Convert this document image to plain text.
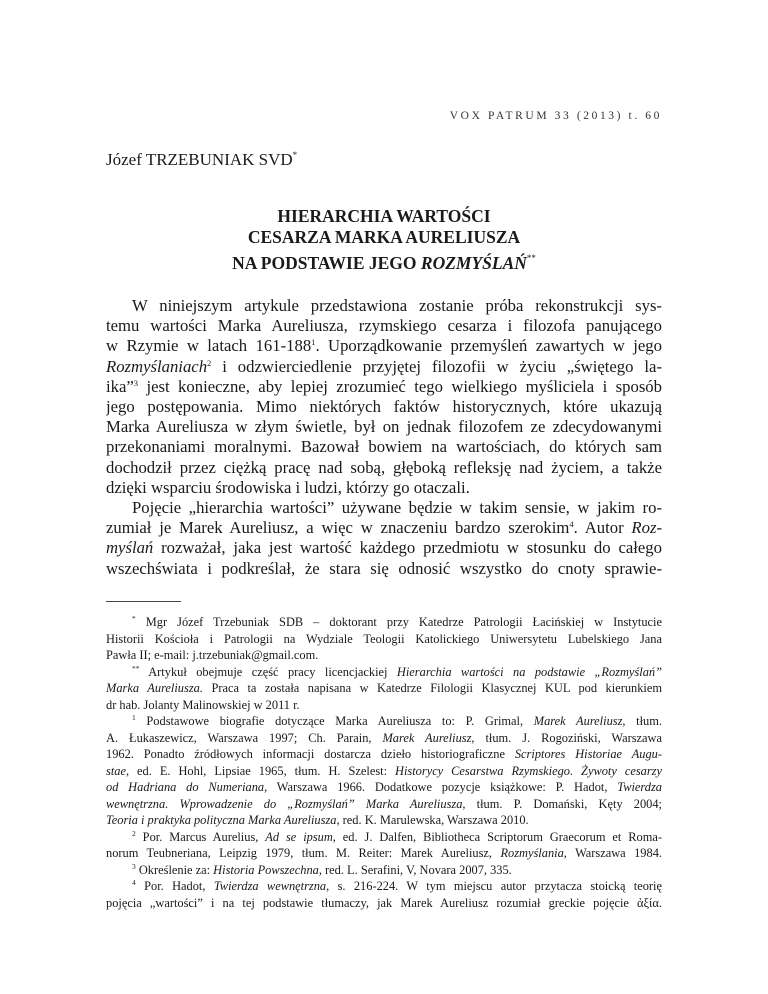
VOX PATRUM 33 (2013) t. 60
Józef TRZEBUNIAK SVD*
HIERARCHIA WARTOŚCI
CESARZA MARKA AURELIUSZA
NA PODSTAWIE JEGO ROZMYŚLAŃ**
W niniejszym artykule przedstawiona zostanie próba rekonstrukcji sys-
temu wartości Marka Aureliusza, rzymskiego cesarza i filozofa panującego
w Rzymie w latach $161-188^1$. Uporządkowanie przemyśleń zawartych w jego
Rozmyślaniach$^2$ i odzwierciedlenie przyjętej filozofii w życiu „świętego la-
ika”$^3$ jest konieczne, aby lepiej zrozumieć tego wielkiego myśliciela i sposób
jego postępowania. Mimo niektórych faktów historycznych, które ukazują
Marka Aureliusza w złym świetle, był on jednak filozofem ze zdecydowanymi
przekonaniami moralnymi. Bazował bowiem na wartościach, do których sam
dochodził przez ciężką pracę nad sobą, głęboką refleksję nad życiem, a także
dzięki wsparciu środowiska i ludzi, którzy go otaczali.
Pojęcie „hierarchia wartości” używane będzie w takim sensie, w jakim ro-
zumiał je Marek Aureliusz, a więc w znaczeniu bardzo szerokim$^4$. Autor Roz-
myślań rozważał, jaka jest wartość każdego przedmiotu w stosunku do całego
wszechświata i podkreślał, że stara się odnosić wszystko do cnoty sprawie-
* Mgr Józef Trzebuniak SDB – doktorant przy Katedrze Patrologii Łacińskiej w Instytucie
Historii Kościoła i Patrologii na Wydziale Teologii Katolickiego Uniwersytetu Lubelskiego Jana
Pawła II; e-mail: j.trzebuniak@gmail.com.
** Artykuł obejmuje część pracy licencjackiej Hierarchia wartości na podstawie „Rozmyślań”
Marka Aureliusza. Praca ta została napisana w Katedrze Filologii Klasycznej KUL pod kierunkiem
dr hab. Jolanty Malinowskiej w 2011 r.
$^1$ Podstawowe biografie dotyczące Marka Aureliusza to: P. Grimal, Marek Aureliusz, tłum.
A. Łukaszewicz, Warszawa 1997; Ch. Parain, Marek Aureliusz, tłum. J. Rogoziński, Warszawa
1962. Ponadto źródłowych informacji dostarcza dzieło historiograficzne Scriptores Historiae Augu-
stae, ed. E. Hohl, Lipsiae 1965, tłum. H. Szelest: Historycy Cesarstwa Rzymskiego. Żywoty cesarzy
od Hadriana do Numeriana, Warszawa 1966. Dodatkowe pozycje książkowe: P. Hadot, Twierdza
wewnętrzna. Wprowadzenie do „Rozmyślań” Marka Aureliusza, tłum. P. Domański, Kęty 2004;
Teoria i praktyka polityczna Marka Aureliusza, red. K. Marulewska, Warszawa 2010.
$^2$ Por. Marcus Aurelius, Ad se ipsum, ed. J. Dalfen, Bibliotheca Scriptorum Graecorum et Roma-
norum Teubneriana, Leipzig 1979, tłum. M. Reiter: Marek Aureliusz, Rozmyślania, Warszawa 1984.
$^3$ Określenie za: Historia Powszechna, red. L. Serafini, V, Novara 2007, 335.
$^4$ Por. Hadot, Twierdza wewnętrzna, s. 216-224. W tym miejscu autor przytacza stoicką teorię
pojęcia „wartości” i na tej podstawie tłumaczy, jak Marek Aureliusz rozumiał greckie pojęcie ἀξία.
